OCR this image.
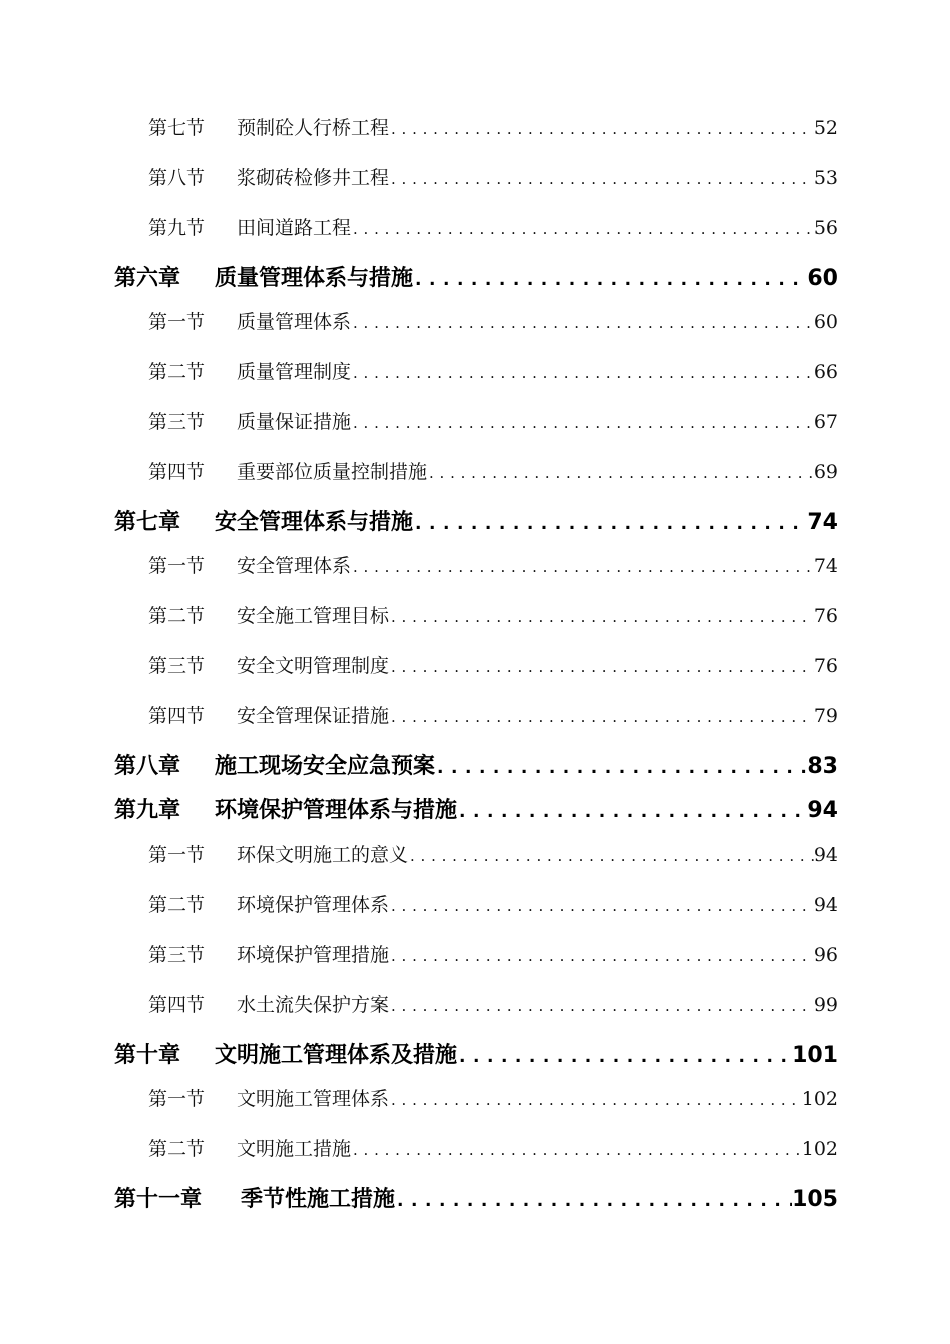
第七节	预制砼人行桥工程 . . .	52
第八节	浆砌砖检修井工程 . . .	53
第九节	田间道路工程 . . .	56
第六章	质量管理体系与措施 . . .	60
第一节	质量管理体系 . . .	60
第二节	质量管理制度 . . .	66
第三节	质量保证措施 . . .	67
第四节	重要部位质量控制措施 . . .	69
第七章	安全管理体系与措施 . . .	74
第一节	安全管理体系 . . .	74
第二节	安全施工管理目标 . . .	76
第三节	安全文明管理制度 . . .	76
第四节	安全管理保证措施 . . .	79
第八章	施工现场安全应急预案 . . .	83
第九章	环境保护管理体系与措施 . . .	94
第一节	环保文明施工的意义 . . .	94
第二节	环境保护管理体系 . . .	94
第三节	环境保护管理措施 . . .	96
第四节	水土流失保护方案 . . .	99
第十章	文明施工管理体系及措施 . . .	101
第一节	文明施工管理体系 . . .	102
第二节	文明施工措施 . . .	102
第十一章	季节性施工措施 . . .	105
